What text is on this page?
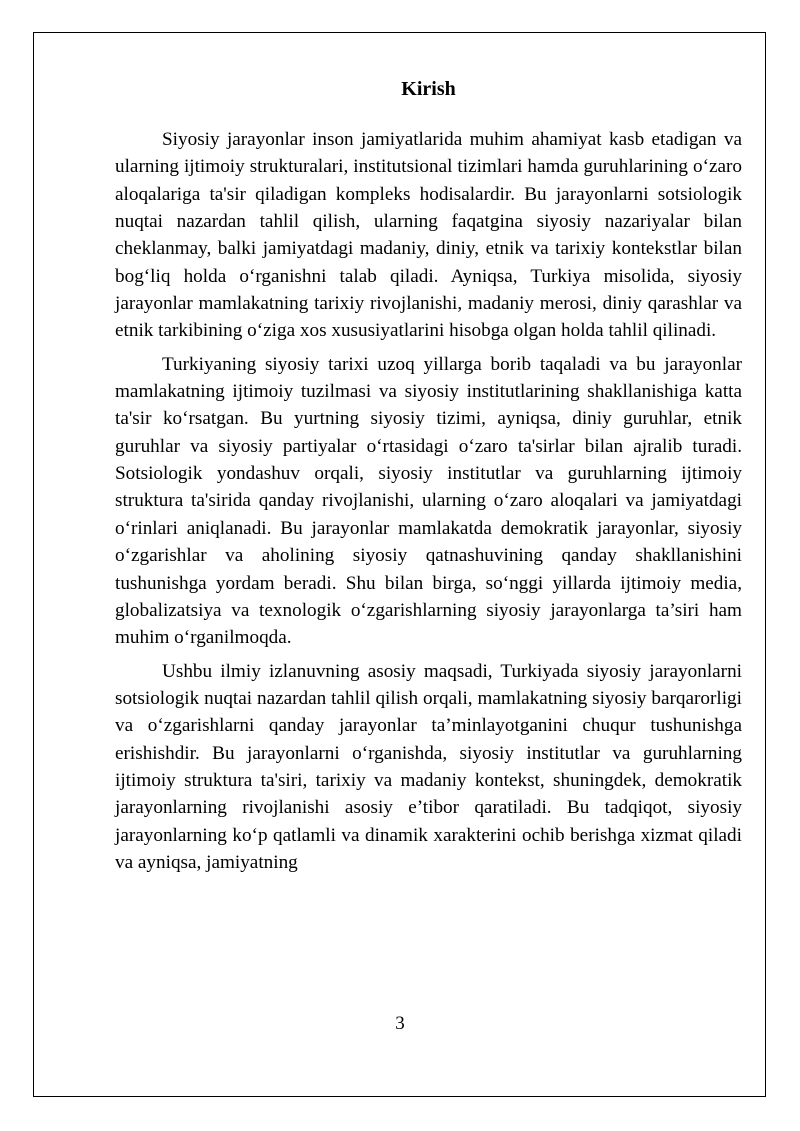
Kirish

Siyosiy jarayonlar inson jamiyatlarida muhim ahamiyat kasb etadigan va ularning ijtimoiy strukturalari, institutsional tizimlari hamda guruhlarining o‘zaro aloqalariga ta'sir qiladigan kompleks hodisalardir. Bu jarayonlarni sotsiologik nuqtai nazardan tahlil qilish, ularning faqatgina siyosiy nazariyalar bilan cheklanmay, balki jamiyatdagi madaniy, diniy, etnik va tarixiy kontekstlar bilan bog‘liq holda o‘rganishni talab qiladi. Ayniqsa, Turkiya misolida, siyosiy jarayonlar mamlakatning tarixiy rivojlanishi, madaniy merosi, diniy qarashlar va etnik tarkibining o‘ziga xos xususiyatlarini hisobga olgan holda tahlil qilinadi.

Turkiyaning siyosiy tarixi uzoq yillarga borib taqaladi va bu jarayonlar mamlakatning ijtimoiy tuzilmasi va siyosiy institutlarining shakllanishiga katta ta'sir ko‘rsatgan. Bu yurtning siyosiy tizimi, ayniqsa, diniy guruhlar, etnik guruhlar va siyosiy partiyalar o‘rtasidagi o‘zaro ta'sirlar bilan ajralib turadi. Sotsiologik yondashuv orqali, siyosiy institutlar va guruhlarning ijtimoiy struktura ta'sirida qanday rivojlanishi, ularning o‘zaro aloqalari va jamiyatdagi o‘rinlari aniqlanadi. Bu jarayonlar mamlakatda demokratik jarayonlar, siyosiy o‘zgarishlar va aholining siyosiy qatnashuvining qanday shakllanishini tushunishga yordam beradi. Shu bilan birga, so‘nggi yillarda ijtimoiy media, globalizatsiya va texnologik o‘zgarishlarning siyosiy jarayonlarga ta’siri ham muhim o‘rganilmoqda.

Ushbu ilmiy izlanuvning asosiy maqsadi, Turkiyada siyosiy jarayonlarni sotsiologik nuqtai nazardan tahlil qilish orqali, mamlakatning siyosiy barqarorligi va o‘zgarishlarni qanday jarayonlar ta’minlayotganini chuqur tushunishga erishishdir. Bu jarayonlarni o‘rganishda, siyosiy institutlar va guruhlarning ijtimoiy struktura ta'siri, tarixiy va madaniy kontekst, shuningdek, demokratik jarayonlarning rivojlanishi asosiy e’tibor qaratiladi. Bu tadqiqot, siyosiy jarayonlarning ko‘p qatlamli va dinamik xarakterini ochib berishga xizmat qiladi va ayniqsa, jamiyatning

3
